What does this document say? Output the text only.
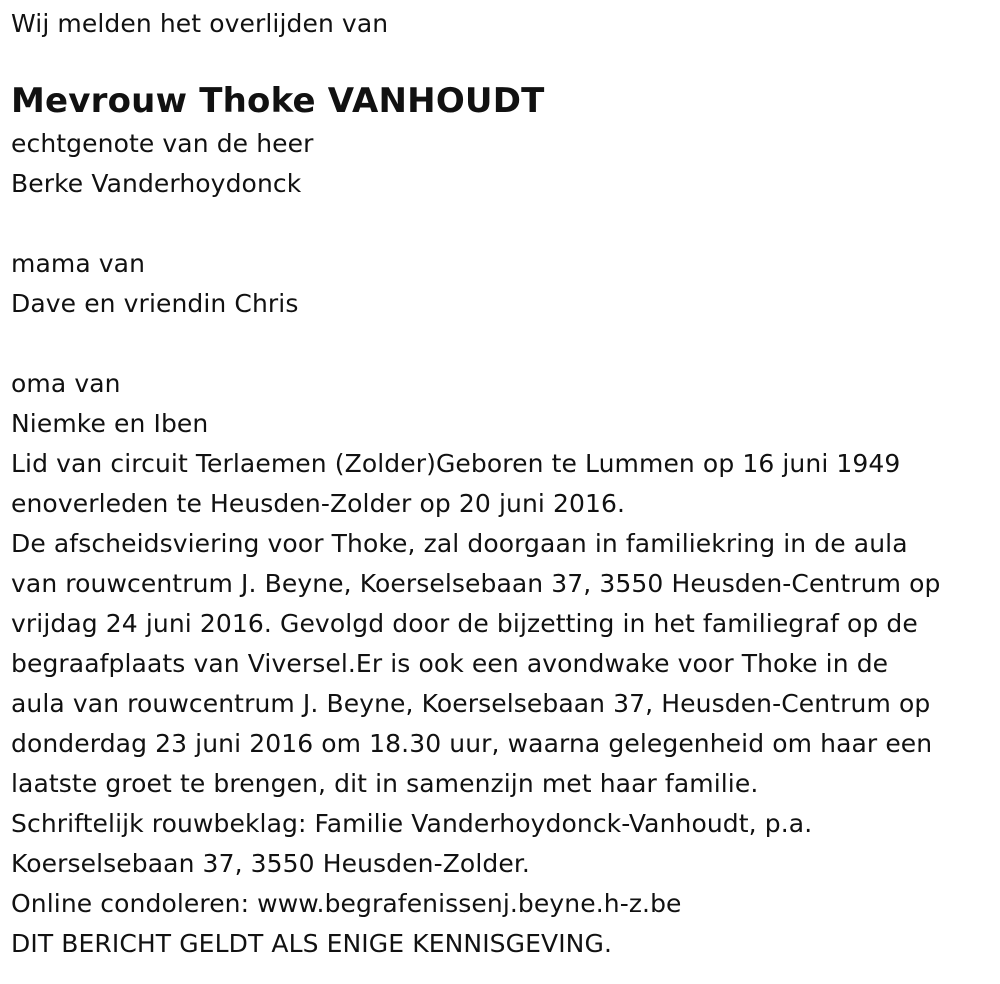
Wij melden het overlijden van
Mevrouw Thoke VANHOUDT
echtgenote van de heer
Berke Vanderhoydonck
mama van
Dave en vriendin Chris
oma van
Niemke en Iben
Lid van circuit Terlaemen (Zolder)Geboren te Lummen op 16 juni 1949
enoverleden te Heusden-Zolder op 20 juni 2016.
De afscheidsviering voor Thoke, zal doorgaan in familiekring in de aula
van rouwcentrum J. Beyne, Koerselsebaan 37, 3550 Heusden-Centrum op
vrijdag 24 juni 2016. Gevolgd door de bijzetting in het familiegraf op de
begraafplaats van Viversel.Er is ook een avondwake voor Thoke in de
aula van rouwcentrum J. Beyne, Koerselsebaan 37, Heusden-Centrum op
donderdag 23 juni 2016 om 18.30 uur, waarna gelegenheid om haar een
laatste groet te brengen, dit in samenzijn met haar familie.
Schriftelijk rouwbeklag: Familie Vanderhoydonck-Vanhoudt, p.a.
Koerselsebaan 37, 3550 Heusden-Zolder.
Online condoleren: www.begrafenissenj.beyne.h-z.be
DIT BERICHT GELDT ALS ENIGE KENNISGEVING.
